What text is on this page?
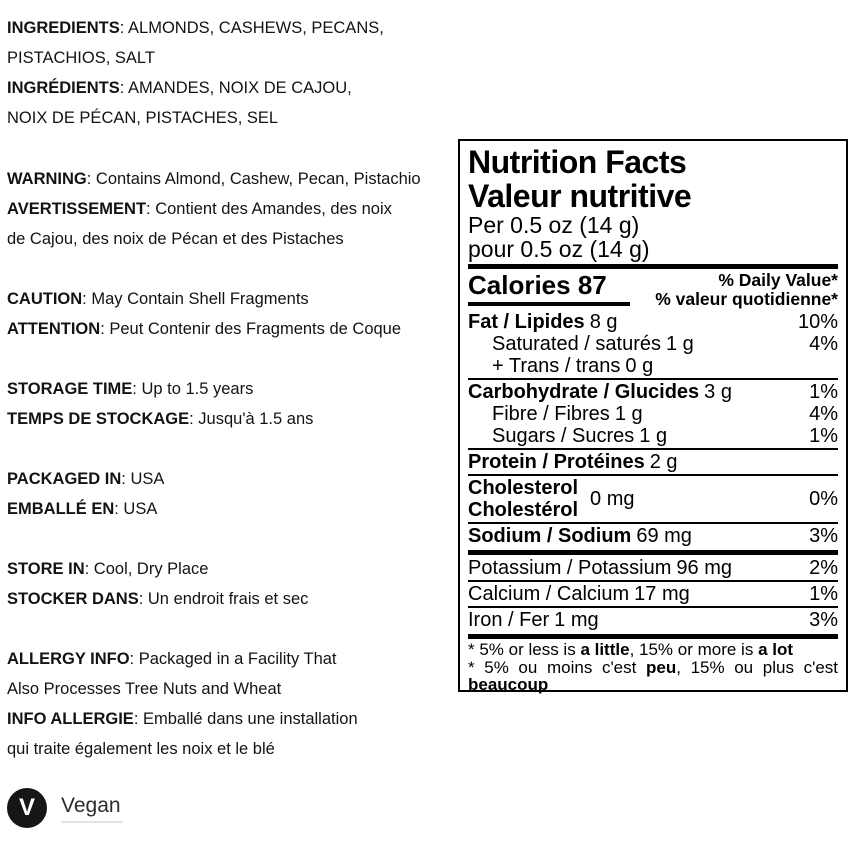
INGREDIENTS: ALMONDS, CASHEWS, PECANS,
PISTACHIOS, SALT
INGRÉDIENTS: AMANDES, NOIX DE CAJOU,
NOIX DE PÉCAN, PISTACHES, SEL
WARNING: Contains Almond, Cashew, Pecan, Pistachio
AVERTISSEMENT: Contient des Amandes, des noix
de Cajou, des noix de Pécan et des Pistaches
CAUTION: May Contain Shell Fragments
ATTENTION: Peut Contenir des Fragments de Coque
STORAGE TIME: Up to 1.5 years
TEMPS DE STOCKAGE: Jusqu'à 1.5 ans
PACKAGED IN: USA
EMBALLÉ EN: USA
STORE IN: Cool, Dry Place
STOCKER DANS: Un endroit frais et sec
ALLERGY INFO: Packaged in a Facility That
Also Processes Tree Nuts and Wheat
INFO ALLERGIE: Emballé dans une installation
qui traite également les noix et le blé
V	Vegan
Nutrition Facts
Valeur nutritive
Per 0.5 oz (14 g)
pour 0.5 oz (14 g)
Calories 87	% Daily Value*
% valeur quotidienne*
Fat / Lipides 8 g	10%
Saturated / saturés 1 g	4%
+ Trans / trans 0 g
Carbohydrate / Glucides 3 g	1%
Fibre / Fibres 1 g	4%
Sugars / Sucres 1 g	1%
Protein / Protéines 2 g
Cholesterol
Cholestérol 0 mg	0%
Sodium / Sodium 69 mg	3%
Potassium / Potassium 96 mg	2%
Calcium / Calcium 17 mg	1%
Iron / Fer 1 mg	3%
* 5% or less is a little, 15% or more is a lot
* 5% ou moins c'est peu, 15% ou plus c'est beaucoup
